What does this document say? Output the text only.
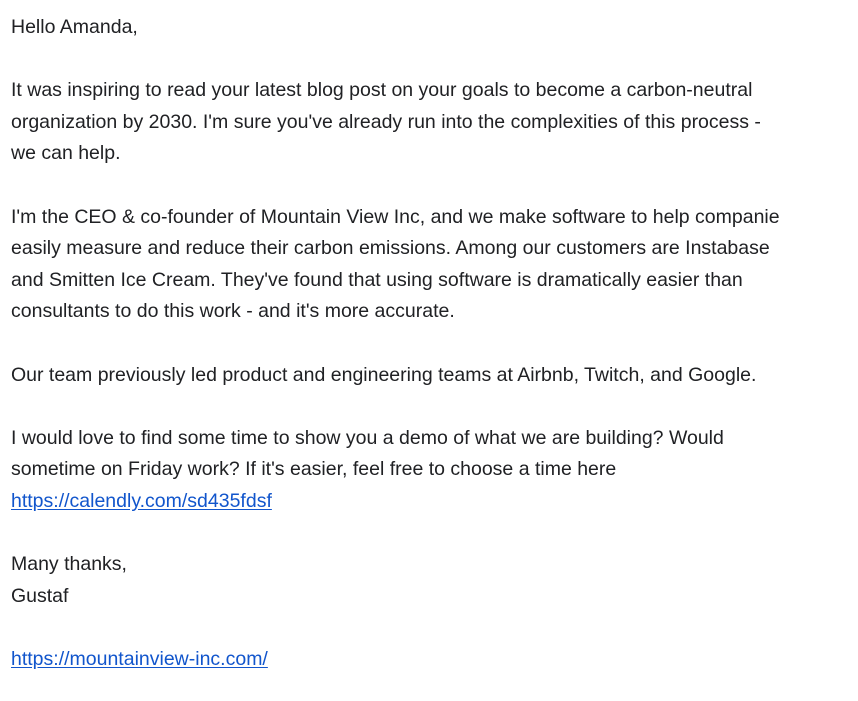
Hello Amanda,
It was inspiring to read your latest blog post on your goals to become a carbon-neutral
organization by 2030. I'm sure you've already run into the complexities of this process -
we can help.
I'm the CEO & co-founder of Mountain View Inc, and we make software to help companie
easily measure and reduce their carbon emissions. Among our customers are Instabase
and Smitten Ice Cream. They've found that using software is dramatically easier than
consultants to do this work - and it's more accurate.
Our team previously led product and engineering teams at Airbnb, Twitch, and Google.
I would love to find some time to show you a demo of what we are building? Would
sometime on Friday work? If it's easier, feel free to choose a time here
https://calendly.com/sd435fdsf
Many thanks,
Gustaf
https://mountainview-inc.com/
